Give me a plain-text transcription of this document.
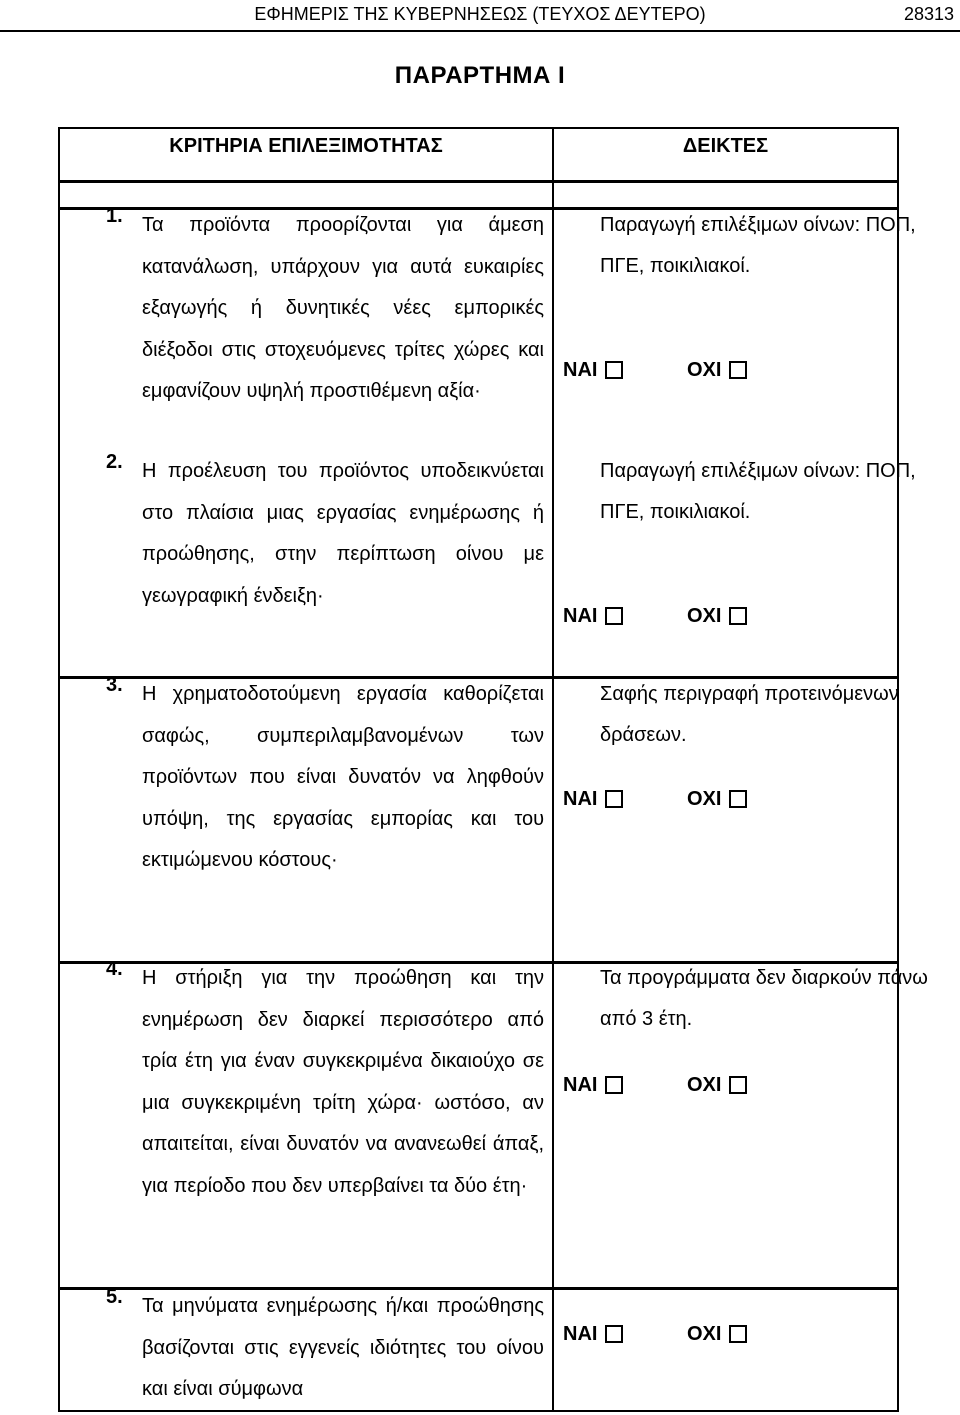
ΕΦΗΜΕΡΙΣ ΤΗΣ ΚΥΒΕΡΝΗΣΕΩΣ (ΤΕΥΧΟΣ ΔΕΥΤΕΡΟ)	28313
ΠΑΡΑΡΤΗΜΑ Ι
ΚΡΙΤΗΡΙΑ ΕΠΙΛΕΞΙΜΟΤΗΤΑΣ	ΔΕΙΚΤΕΣ
1. Τα προϊόντα προορίζονται για άμεση κατανάλωση, υπάρχουν για αυτά ευκαιρίες εξαγωγής ή δυνητικές νέες εμπορικές διέξοδοι στις στοχευόμενες τρίτες χώρες και εμφανίζουν υψηλή προστιθέμενη αξία·
Παραγωγή επιλέξιμων οίνων: ΠΟΠ, ΠΓΕ, ποικιλιακοί.
ΝΑΙ	ΟΧΙ
2. Η προέλευση του προϊόντος υποδεικνύεται στο πλαίσια μιας εργασίας ενημέρωσης ή προώθησης, στην περίπτωση οίνου με γεωγραφική ένδειξη·
Παραγωγή επιλέξιμων οίνων: ΠΟΠ, ΠΓΕ, ποικιλιακοί.
ΝΑΙ	ΟΧΙ
3. Η χρηματοδοτούμενη εργασία καθορίζεται σαφώς, συμπεριλαμβανομένων των προϊόντων που είναι δυνατόν να ληφθούν υπόψη, της εργασίας εμπορίας και του εκτιμώμενου κόστους·
Σαφής περιγραφή προτεινόμενων δράσεων.
ΝΑΙ	ΟΧΙ
4. Η στήριξη για την προώθηση και την ενημέρωση δεν διαρκεί περισσότερο από τρία έτη για έναν συγκεκριμένα δικαιούχο σε μια συγκεκριμένη τρίτη χώρα· ωστόσο, αν απαιτείται, είναι δυνατόν να ανανεωθεί άπαξ, για περίοδο που δεν υπερβαίνει τα δύο έτη·
Τα προγράμματα δεν διαρκούν πάνω από 3 έτη.
ΝΑΙ	ΟΧΙ
5. Τα μηνύματα ενημέρωσης ή/και προώθησης βασίζονται στις εγγενείς ιδιότητες του οίνου και είναι σύμφωνα
ΝΑΙ	ΟΧΙ
